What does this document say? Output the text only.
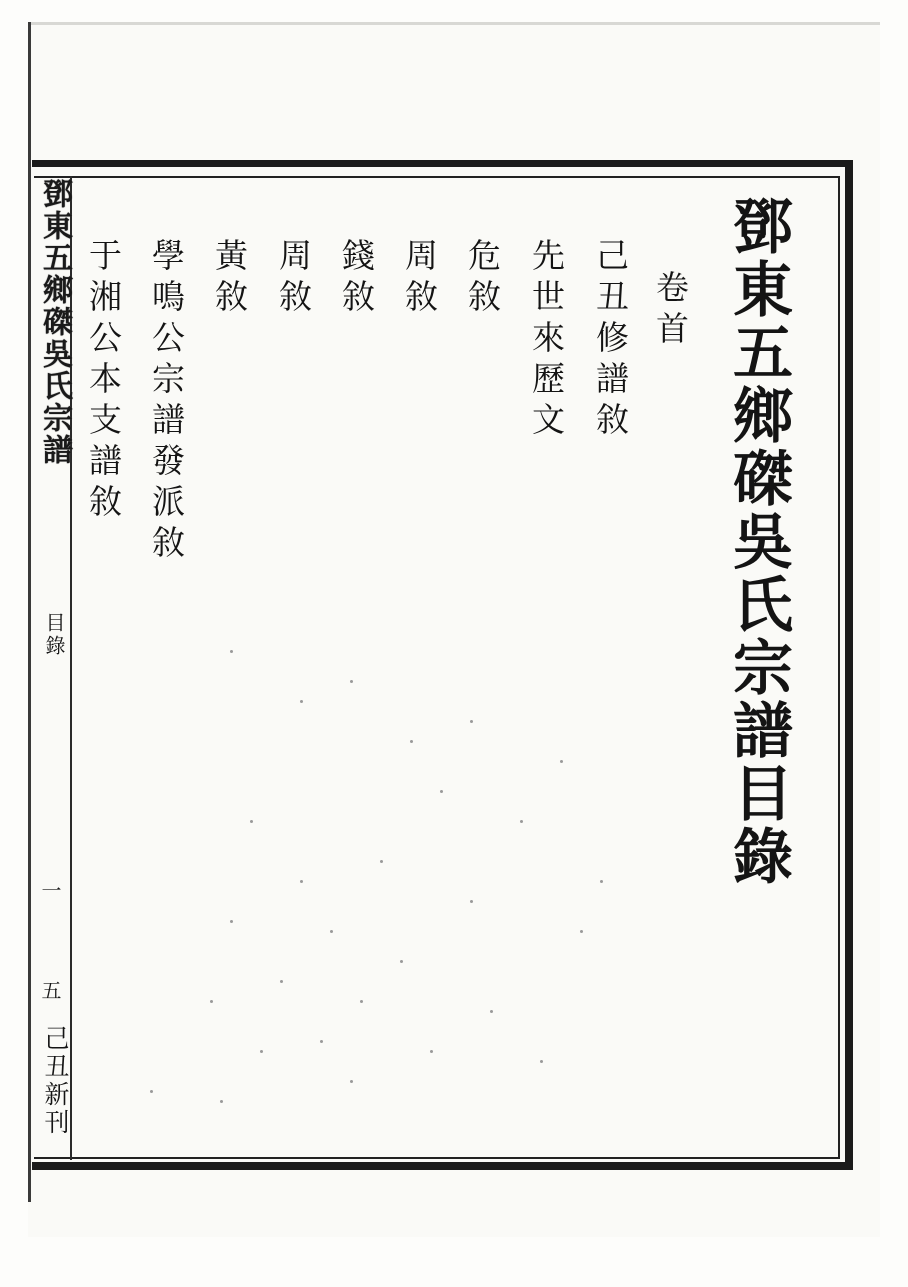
鄧東五鄉磔吳氏宗譜
目錄
一 五
己丑新刊
鄧東五鄉磔吳氏宗譜目錄
卷首
己丑修譜敘
先世來歷文
危敘
周敘
錢敘
周敘
黃敘
學鳴公宗譜發派敘
于湘公本支譜敘
